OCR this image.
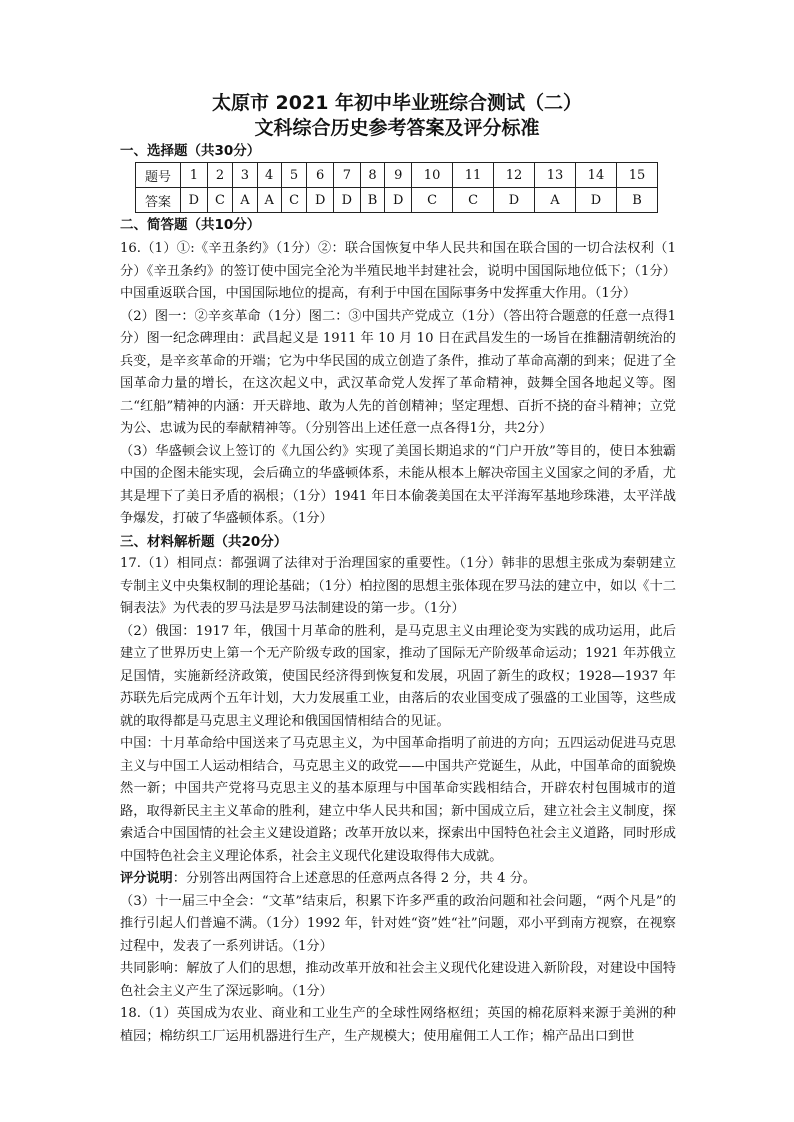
太原市 2021 年初中毕业班综合测试（二）
文科综合历史参考答案及评分标准
一、选择题（共30分）
题号	1	2	3	4	5	6	7	8	9	10	11	12	13	14	15
答案	D	C	A	A	C	D	D	B	D	C	C	D	A	D	B
二、简答题（共10分）

16.（1）①:《辛丑条约》（1分）②：联合国恢复中华人民共和国在联合国的一切合法权利（1分）《辛丑条约》的签订使中国完全沦为半殖民地半封建社会，说明中国国际地位低下；（1分）中国重返联合国，中国国际地位的提高，有利于中国在国际事务中发挥重大作用。（1分）

（2）图一：②辛亥革命（1分）图二：③中国共产党成立（1分）（答出符合题意的任意一点得1分）图一纪念碑理由：武昌起义是 1911 年 10 月 10 日在武昌发生的一场旨在推翻清朝统治的兵变，是辛亥革命的开端；它为中华民国的成立创造了条件，推动了革命高潮的到来；促进了全国革命力量的增长，在这次起义中，武汉革命党人发挥了革命精神，鼓舞全国各地起义等。图二“红船”精神的内涵：开天辟地、敢为人先的首创精神；坚定理想、百折不挠的奋斗精神；立党为公、忠诚为民的奉献精神等。（分别答出上述任意一点各得1分，共2分）

（3）华盛顿会议上签订的《九国公约》实现了美国长期追求的“门户开放”等目的，使日本独霸中国的企图未能实现，会后确立的华盛顿体系，未能从根本上解决帝国主义国家之间的矛盾，尤其是埋下了美日矛盾的祸根；（1分）1941 年日本偷袭美国在太平洋海军基地珍珠港，太平洋战争爆发，打破了华盛顿体系。（1分）

三、材料解析题（共20分）

17.（1）相同点：都强调了法律对于治理国家的重要性。（1分）韩非的思想主张成为秦朝建立专制主义中央集权制的理论基础；（1分）柏拉图的思想主张体现在罗马法的建立中，如以《十二铜表法》为代表的罗马法是罗马法制建设的第一步。（1分）

（2）俄国：1917 年，俄国十月革命的胜利，是马克思主义由理论变为实践的成功运用，此后建立了世界历史上第一个无产阶级专政的国家，推动了国际无产阶级革命运动；1921 年苏俄立足国情，实施新经济政策，使国民经济得到恢复和发展，巩固了新生的政权；1928—1937 年苏联先后完成两个五年计划，大力发展重工业，由落后的农业国变成了强盛的工业国等，这些成就的取得都是马克思主义理论和俄国国情相结合的见证。

中国：十月革命给中国送来了马克思主义，为中国革命指明了前进的方向；五四运动促进马克思主义与中国工人运动相结合，马克思主义的政党——中国共产党诞生，从此，中国革命的面貌焕然一新；中国共产党将马克思主义的基本原理与中国革命实践相结合，开辟农村包围城市的道路，取得新民主主义革命的胜利，建立中华人民共和国；新中国成立后，建立社会主义制度，探索适合中国国情的社会主义建设道路；改革开放以来，探索出中国特色社会主义道路，同时形成中国特色社会主义理论体系，社会主义现代化建设取得伟大成就。

评分说明：分别答出两国符合上述意思的任意两点各得 2 分，共 4 分。

（3）十一届三中全会：“文革”结束后，积累下许多严重的政治问题和社会问题，“两个凡是”的推行引起人们普遍不满。（1分）1992 年，针对姓“资”姓“社”问题，邓小平到南方视察，在视察过程中，发表了一系列讲话。（1分）

共同影响：解放了人们的思想，推动改革开放和社会主义现代化建设进入新阶段，对建设中国特色社会主义产生了深远影响。（1分）

18.（1）英国成为农业、商业和工业生产的全球性网络枢纽；英国的棉花原料来源于美洲的种植园；棉纺织工厂运用机器进行生产，生产规模大；使用雇佣工人工作；棉产品出口到世
